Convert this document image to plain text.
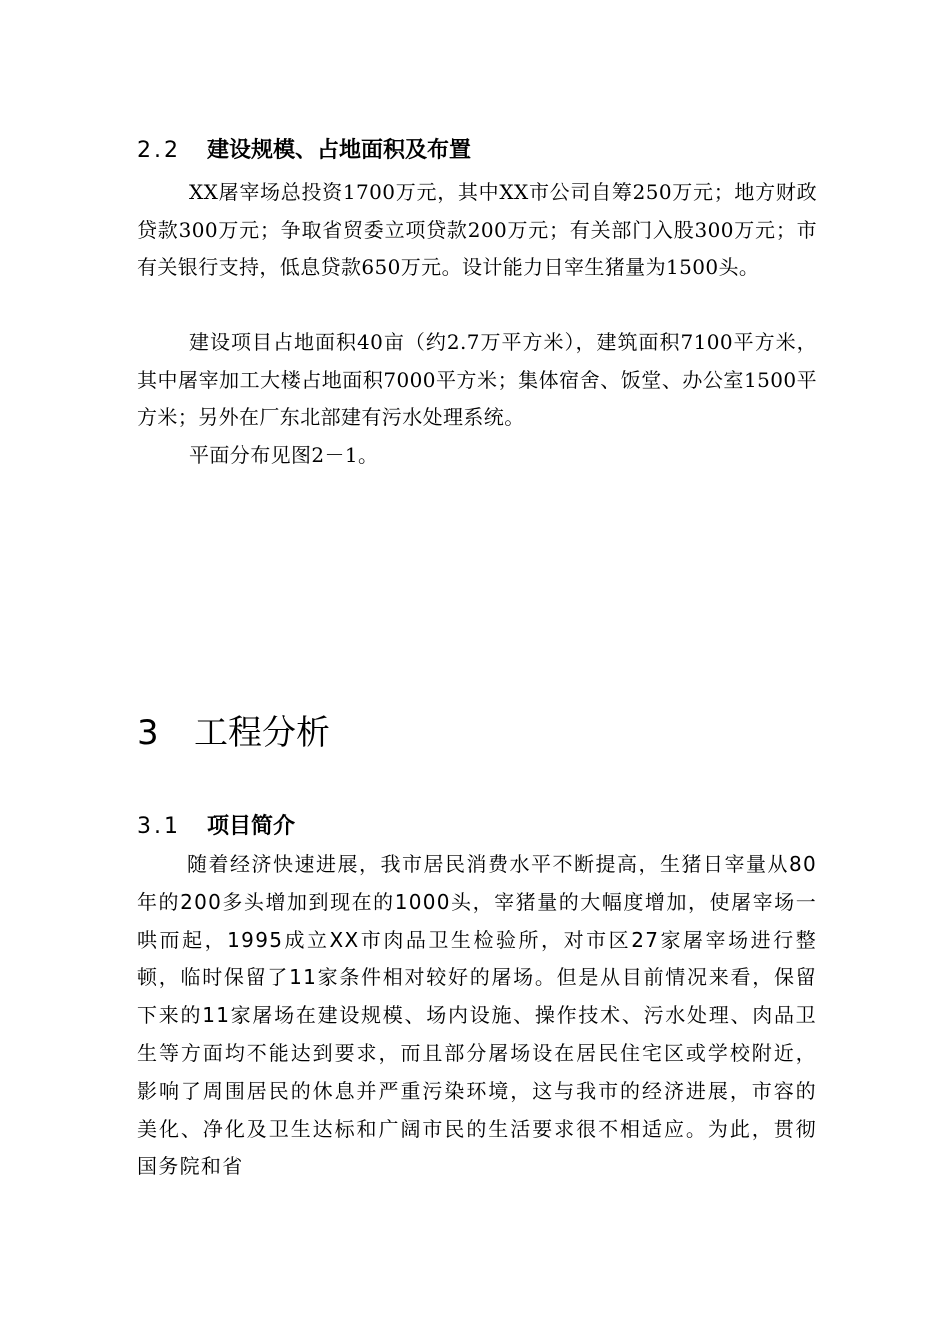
2.2 建设规模、占地面积及布置
XX屠宰场总投资1700万元，其中XX市公司自筹250万元；地方财政贷款300万元；争取省贸委立项贷款200万元；有关部门入股300万元；市有关银行支持，低息贷款650万元。设计能力日宰生猪量为1500头。
建设项目占地面积40亩（约2.7万平方米），建筑面积7100平方米，其中屠宰加工大楼占地面积7000平方米；集体宿舍、饭堂、办公室1500平方米；另外在厂东北部建有污水处理系统。
平面分布见图2－1。
3 工程分析
3.1 项目简介
随着经济快速进展，我市居民消费水平不断提高，生猪日宰量从80年的200多头增加到现在的1000头，宰猪量的大幅度增加，使屠宰场一哄而起，1995成立XX市肉品卫生检验所，对市区27家屠宰场进行整顿，临时保留了11家条件相对较好的屠场。但是从目前情况来看，保留下来的11家屠场在建设规模、场内设施、操作技术、污水处理、肉品卫生等方面均不能达到要求，而且部分屠场设在居民住宅区或学校附近，影响了周围居民的休息并严重污染环境，这与我市的经济进展，市容的美化、净化及卫生达标和广阔市民的生活要求很不相适应。为此，贯彻国务院和省
